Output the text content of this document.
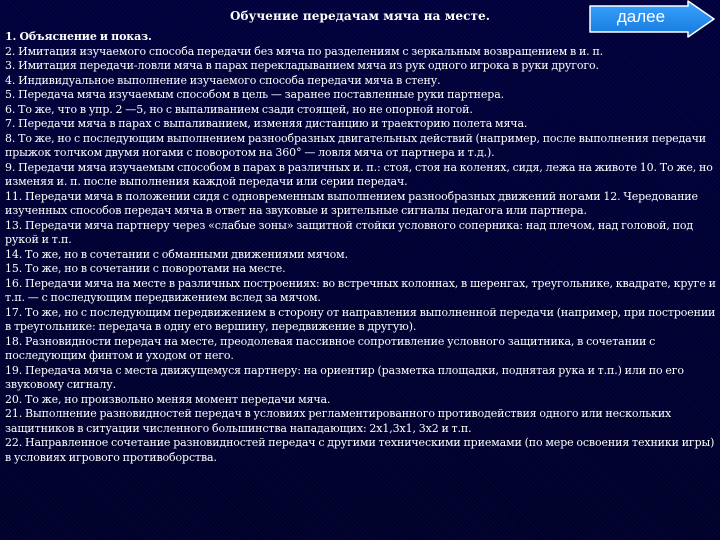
Обучение передачам мяча на месте.	далее

1. Объяснение и показ.

2. Имитация изучаемого способа передачи без мяча по разделениям с зеркальным возвращением в и. п.

3. Имитация передачи-ловли мяча в парах перекладыванием мяча из рук одного игрока в руки другого.

4. Индивидуальное выполнение изучаемого способа передачи мяча в стену.

5. Передача мяча изучаемым способом в цель — заранее поставленные руки партнера.

6. То же, что в упр. 2 —5, но с выпаливанием сзади стоящей, но не опорной ногой.

7. Передачи мяча в парах с выпаливанием, изменяя дистанцию и траекторию полета мяча.

8. То же, но с последующим выполнением разнообразных двигательных действий (например, после выполнения передачи прыжок толчком двумя ногами с поворотом на 360° — ловля мяча от партнера и т.д.).

9. Передачи мяча изучаемым способом в парах в различных и. п.: стоя, стоя на коленях, сидя, лежа на животе 10. То же, но изменяя и. п. после выполнения каждой передачи или серии передач.

11. Передачи мяча в положении сидя с одновременным выполнением разнообразных движений ногами 12. Чередование изученных способов передач мяча в ответ на звуковые и зрительные сигналы педагога или партнера.

13. Передачи мяча партнеру через «слабые зоны» защитной стойки условного соперника: над плечом, над головой, под рукой и т.п.

14. То же, но в сочетании с обманными движениями мячом.

15. То же, но в сочетании с поворотами на месте.

16. Передачи мяча на месте в различных построениях: во встречных колоннах, в шеренгах, треугольнике, квадрате, круге и т.п. — с последующим передвижением вслед за мячом.

17. То же, но с последующим передвижением в сторону от направления выполненной передачи (например, при построении в треугольнике: передача в одну его вершину, передвижение в другую).

18. Разновидности передач на месте, преодолевая пассивное сопротивление условного защитника, в сочетании с последующим финтом и уходом от него.

19. Передача мяча с места движущемуся партнеру: на ориентир (разметка площадки, поднятая рука и т.п.) или по его звуковому сигналу.

20. То же, но произвольно меняя момент передачи мяча.

21. Выполнение разновидностей передач в условиях регламентированного противодействия одного или нескольких защитников в ситуации численного большинства нападающих: 2х1,3х1, 3х2 и т.п.

22. Направленное сочетание разновидностей передач с другими техническими приемами (по мере освоения техники игры) в условиях игрового противоборства.
